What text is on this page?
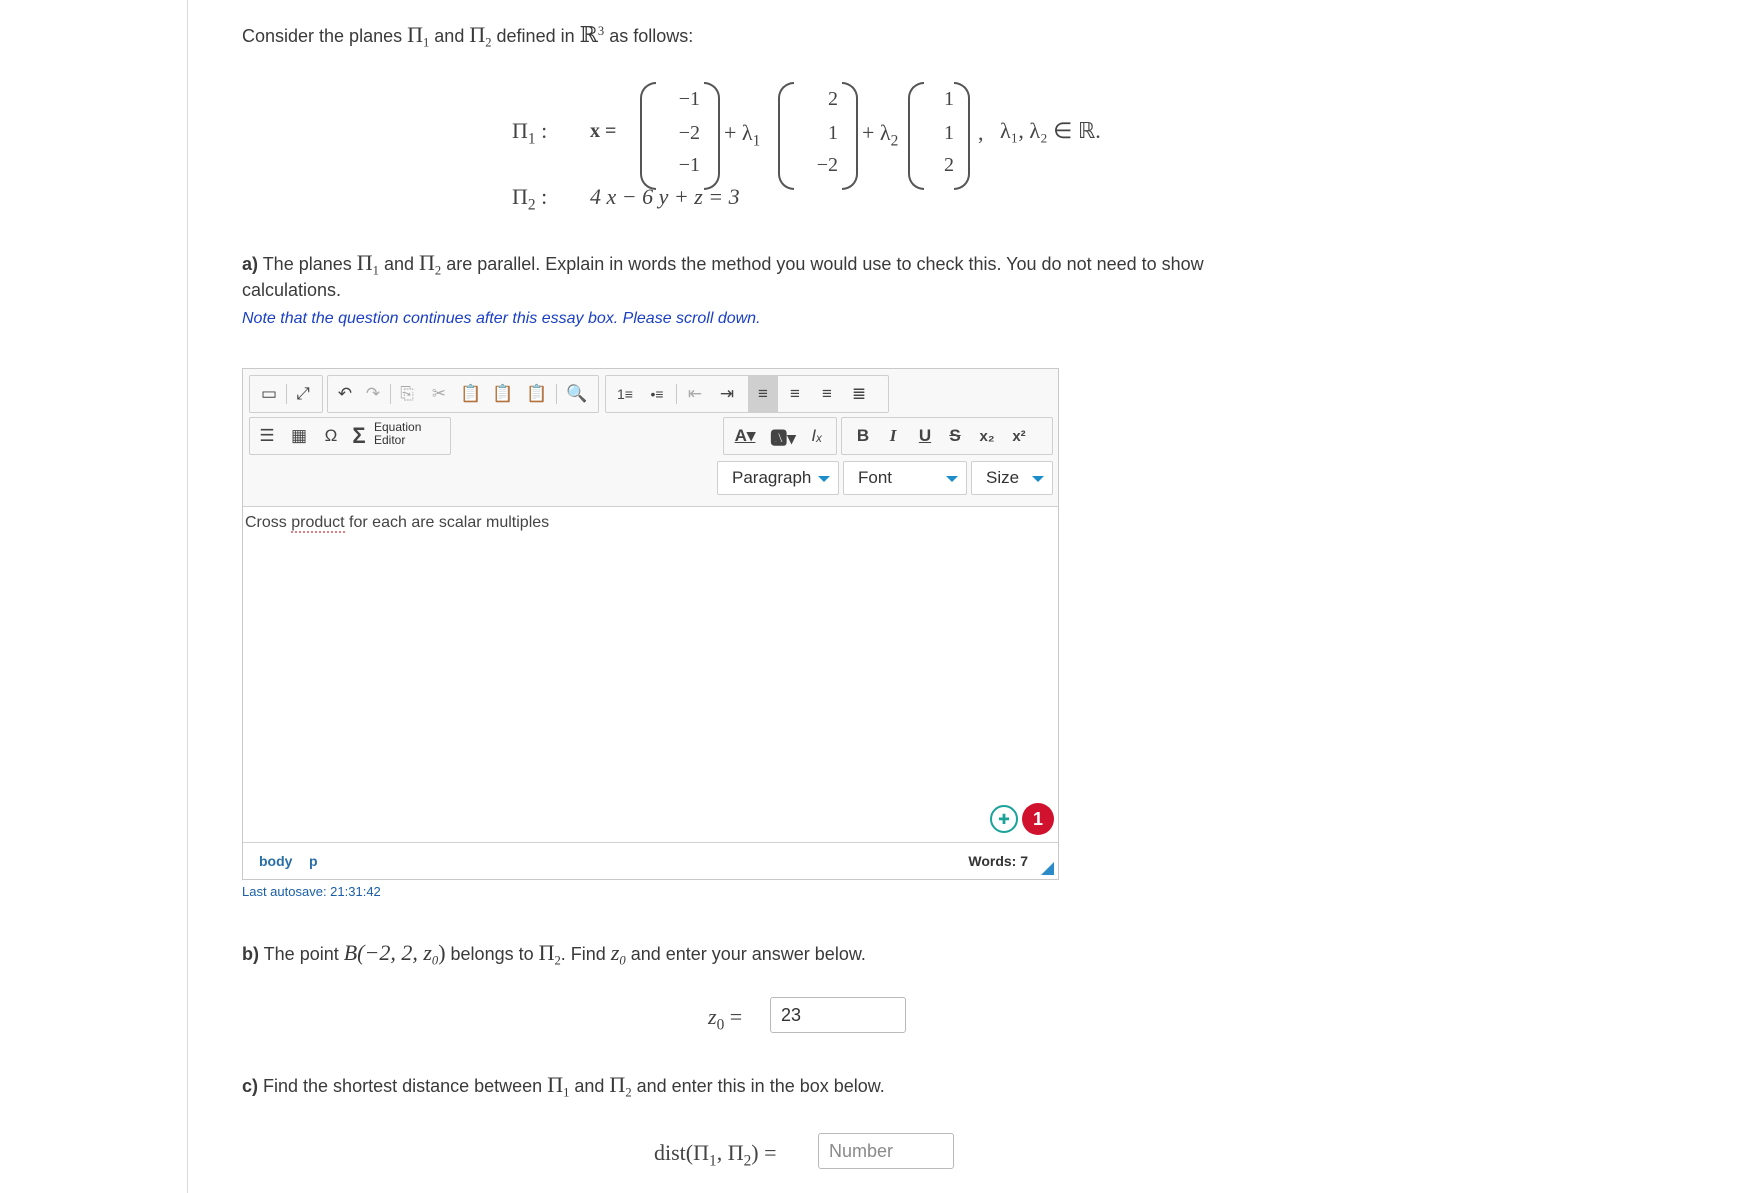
Consider the planes $\Pi_1$ and $\Pi_2$ defined in ℝ$^3$ as follows:
$\Pi_1$ : x =
−1
−2
−1
+ $\lambda_1$
2
1
−2
+ $\lambda_2$
1
1
2
, λ₁, λ₂ ∈ ℝ.
$\Pi_2$ : 4 x − 6 y + z = 3
a) The planes $\Pi_1$ and $\Pi_2$ are parallel. Explain in words the method you would use to check this. You do not need to show
calculations.
Note that the question continues after this essay box. Please scroll down.
▭	⤢	↶ ↷	⎘	✂ 📋 📋 📋 🔍	1≡	•≡	⇤	⇥	≡	≡	≡	≣
☰ ▦	Ω Σ Equation
Editor	A▾ 🅰▾ Iₓ	B	I	U	S	x₂	x²
Paragraph	Font	Size
Cross product for each are scalar multiples
✚	1
body p	Words: 7
Last autosave: 21:31:42
b) The point B(−2, 2, $z_0$) belongs to $\Pi_2$. Find $z_0$ and enter your answer below.
$z_0$ =
23
c) Find the shortest distance between $\Pi_1$ and $\Pi_2$ and enter this in the box below.
$dist(\Pi_1$, $\Pi_2$) =
Number
